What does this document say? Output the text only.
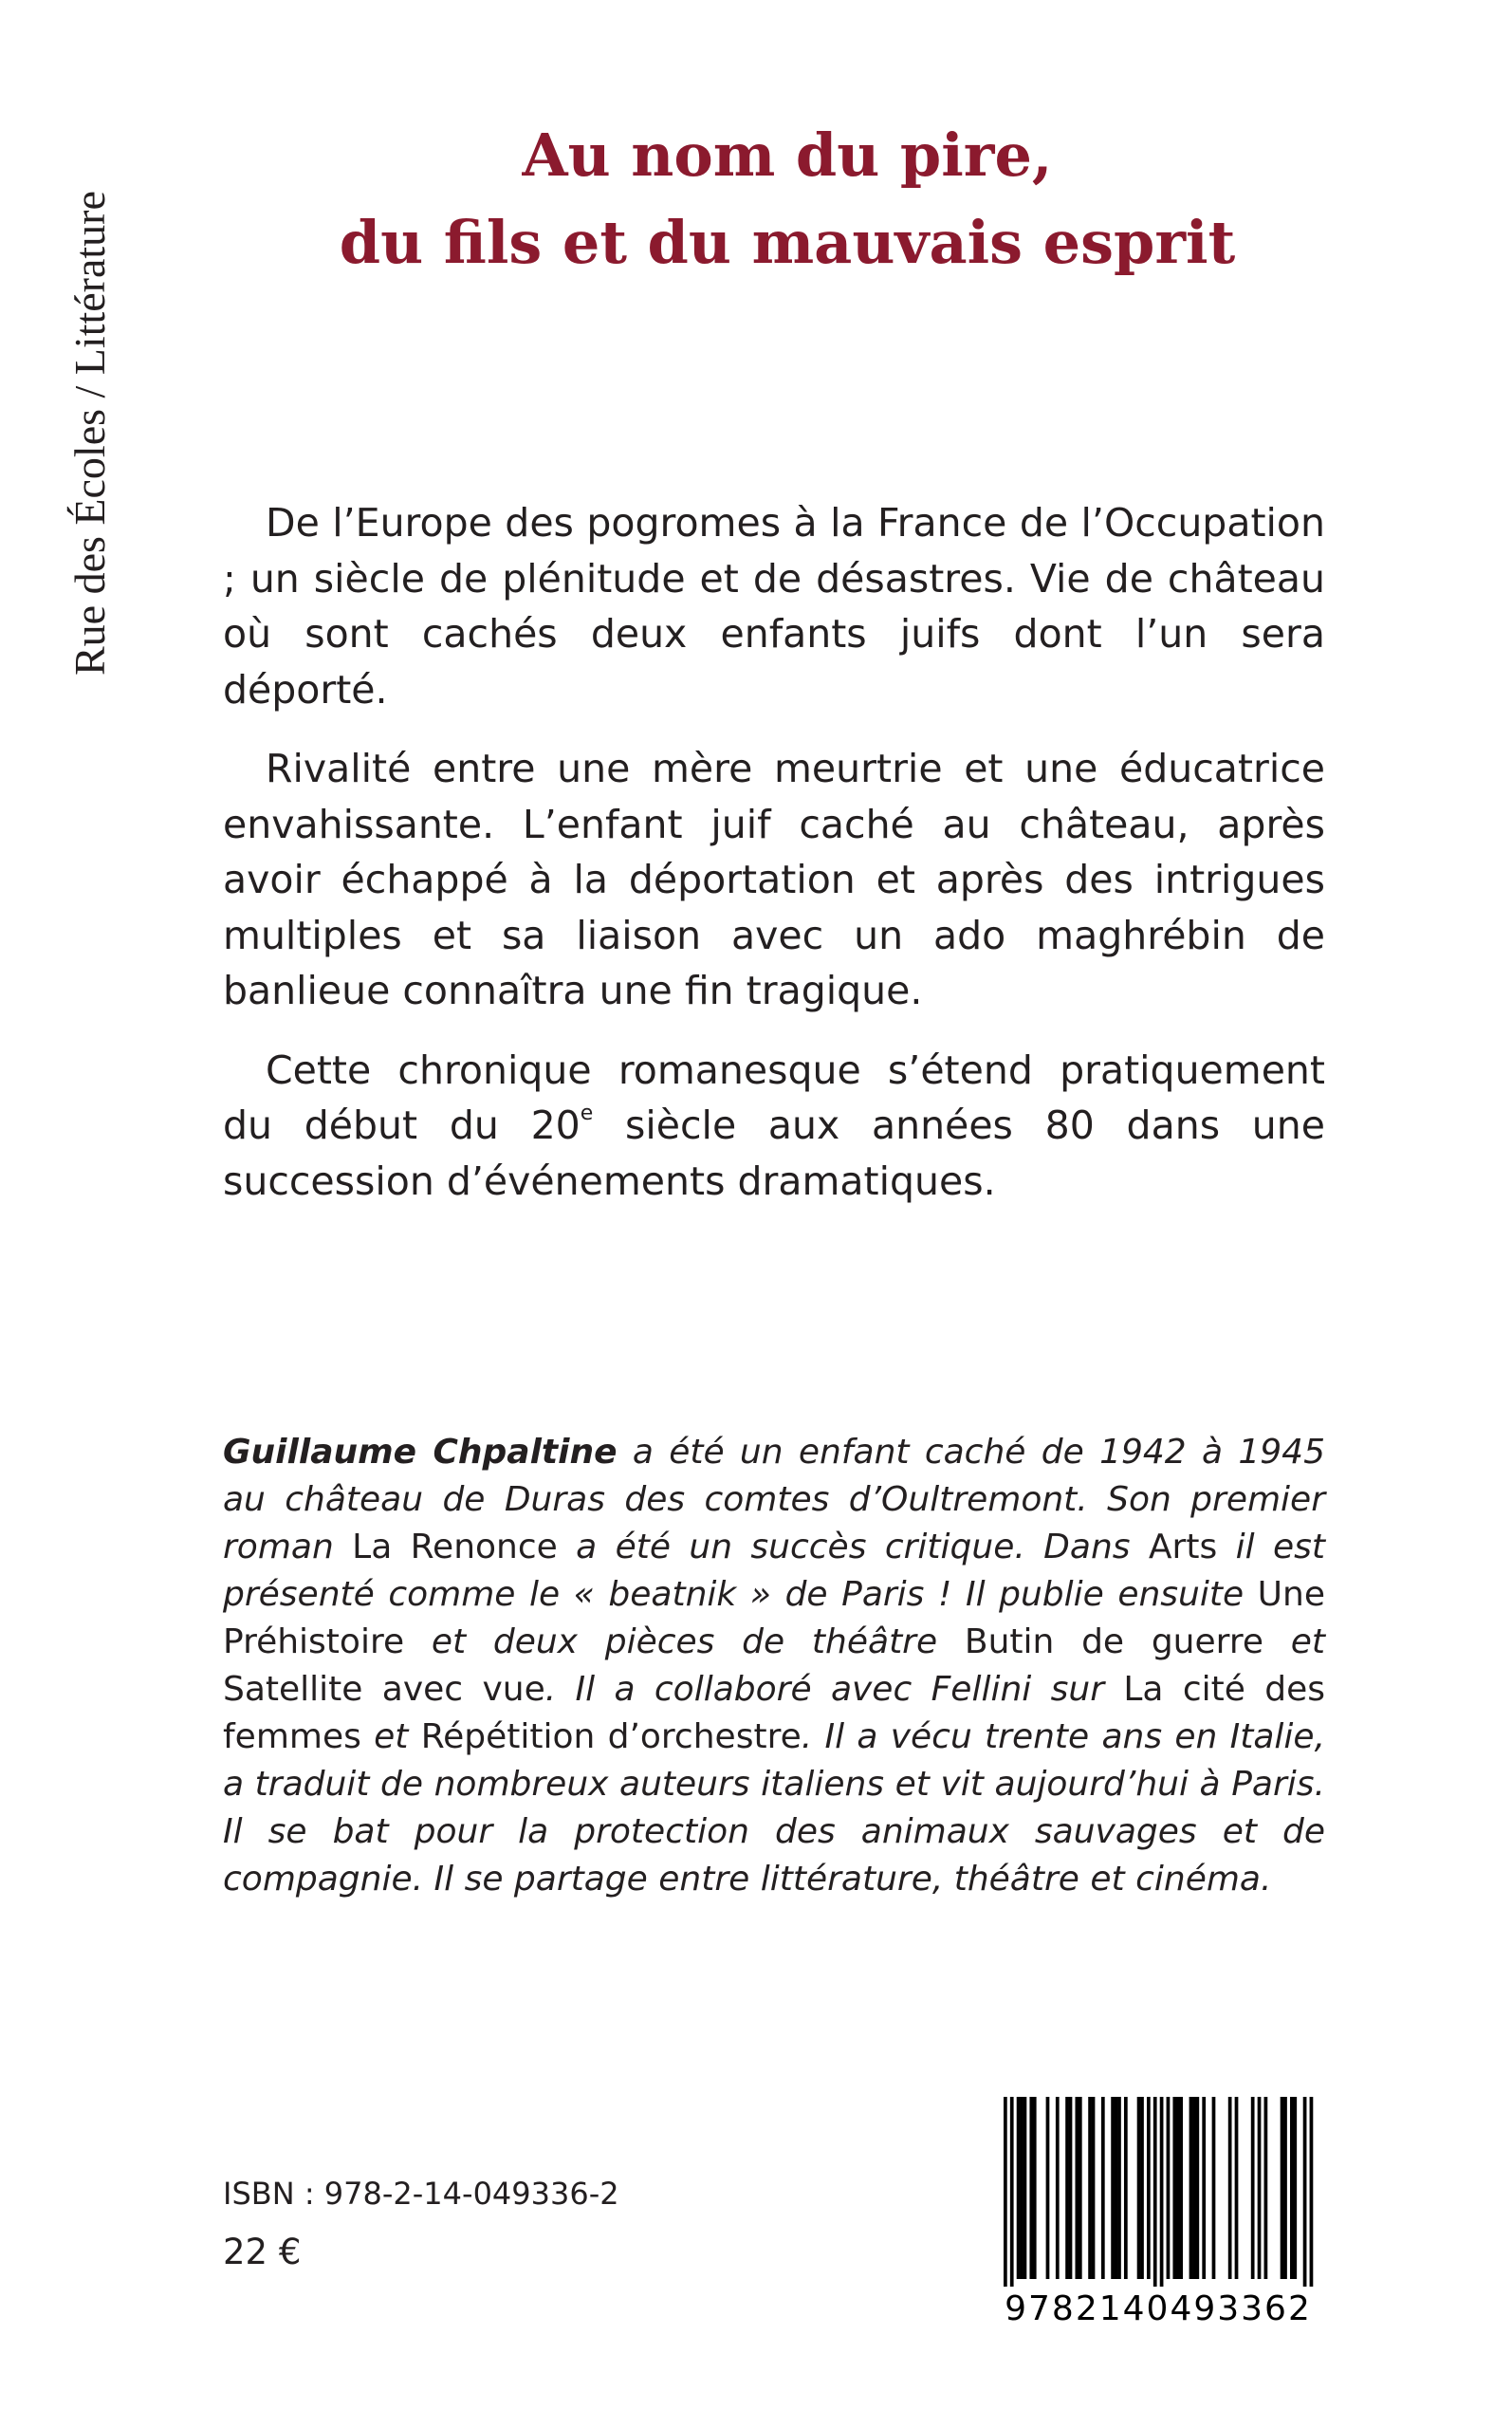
Rue des Écoles / Littérature
Au nom du pire,
du fils et du mauvais esprit

De l’Europe des pogromes à la France de l’Occupation ; un siècle de plénitude et de désastres. Vie de château où sont cachés deux enfants juifs dont l’un sera déporté.

Rivalité entre une mère meurtrie et une éducatrice envahissante. L’enfant juif caché au château, après avoir échappé à la déportation et après des intrigues multiples et sa liaison avec un ado maghrébin de banlieue connaîtra une fin tragique.

Cette chronique romanesque s’étend pratiquement du début du 20e siècle aux années 80 dans une succession d’événements dramatiques.

Guillaume Chpaltine a été un enfant caché de 1942 à 1945 au château de Duras des comtes d’Oultremont. Son premier roman La Renonce a été un succès critique. Dans Arts il est présenté comme le « beatnik » de Paris ! Il publie ensuite Une Préhistoire et deux pièces de théâtre Butin de guerre et Satellite avec vue. Il a collaboré avec Fellini sur La cité des femmes et Répétition d’orchestre. Il a vécu trente ans en Italie, a traduit de nombreux auteurs italiens et vit aujourd’hui à Paris. Il se bat pour la protection des animaux sauvages et de compagnie. Il se partage entre littérature, théâtre et cinéma.

ISBN : 978-2-14-049336-2
22 €
9782140493362
